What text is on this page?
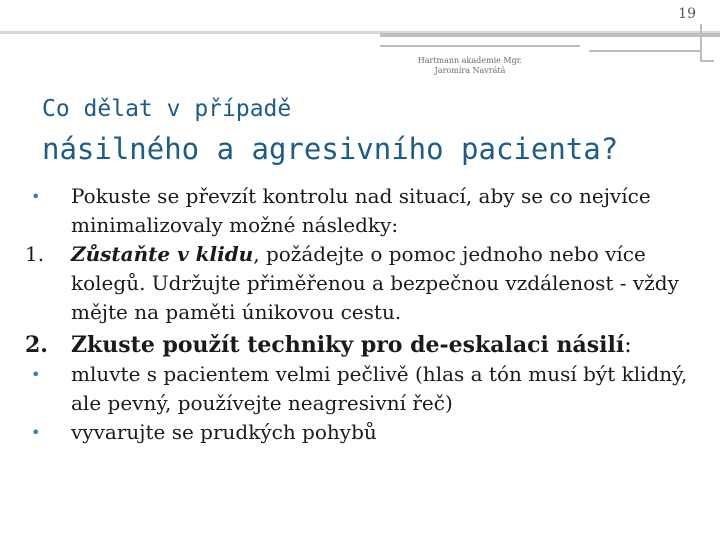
19
Hartmann akademie Mgr.
Jaromíra Navrátá
Co dělat v případě
násilného a agresivního pacienta?
•	Pokuste se převzít kontrolu nad situací, aby se co nejvíce minimalizovaly možné následky:
1.	Zůstaňte v klidu, požádejte o pomoc jednoho nebo více kolegů. Udržujte přiměřenou a bezpečnou vzdálenost - vždy mějte na paměti únikovou cestu.
2.	Zkuste použít techniky pro de-eskalaci násilí:
•	mluvte s pacientem velmi pečlivě (hlas a tón musí být klidný, ale pevný, používejte neagresivní řeč)
•	vyvarujte se prudkých pohybů
